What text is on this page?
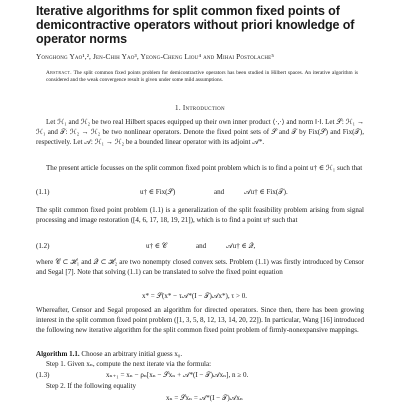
Iterative algorithms for split common fixed points of demicontractive operators without priori knowledge of operator norms
Yonghong Yao¹,², Jen-Chih Yao³, Yeong-Cheng Liou⁴ and Mihai Postolache⁵
Abstract. The split common fixed points problem for demicontractive operators has been studied in Hilbert spaces. An iterative algorithm is considered and the weak convergence result is given under some mild assumptions.
1. Introduction
Let ℋ₁ and ℋ₂ be two real Hilbert spaces equipped up their own inner product ⟨·,·⟩ and norm ‖·‖. Let 𝒮: ℋ₁ → ℋ₁ and 𝒯: ℋ₂ → ℋ₂ be two nonlinear operators. Denote the fixed point sets of 𝒮 and 𝒯 by Fix(𝒮) and Fix(𝒯), respectively. Let 𝒜: ℋ₁ → ℋ₂ be a bounded linear operator with its adjoint 𝒜*.
The present article focusses on the split common fixed point problem which is to find a point u† ∈ ℋ₁ such that
(1.1)	u† ∈ Fix(𝒮)	and	𝒜u† ∈ Fix(𝒯).
The split common fixed point problem (1.1) is a generalization of the split feasibility problem arising from signal processing and image restoration ([4, 6, 17, 18, 19, 21]), which is to find a point u† such that
(1.2)	u† ∈ 𝒞	and	𝒜u† ∈ 𝒬,
where 𝒞 ⊂ ℋ₁ and 𝒬 ⊂ ℋ₂ are two nonempty closed convex sets. Problem (1.1) was firstly introduced by Censor and Segal [7]. Note that solving (1.1) can be translated to solve the fixed point equation
x* = 𝒮(x* − τ𝒜*(I − 𝒯)𝒜x*), τ > 0.
Whereafter, Censor and Segal proposed an algorithm for directed operators. Since then, there has been growing interest in the split common fixed point problem ([1, 3, 5, 8, 12, 13, 14, 20, 22]). In particular, Wang [16] introduced the following new iterative algorithm for the split common fixed point problem of firmly-nonexpansive mappings.
Algorithm 1.1. Choose an arbitrary initial guess x₀.
Step 1. Given xₙ, compute the next iterate via the formula:
(1.3)	xₙ₊₁ = xₙ − ρₙ[xₙ − 𝒮xₙ + 𝒜*(I − 𝒯)𝒜xₙ], n ≥ 0.
Step 2. If the following equality
xₙ = 𝒮xₙ = 𝒜*(I − 𝒯)𝒜xₙ
